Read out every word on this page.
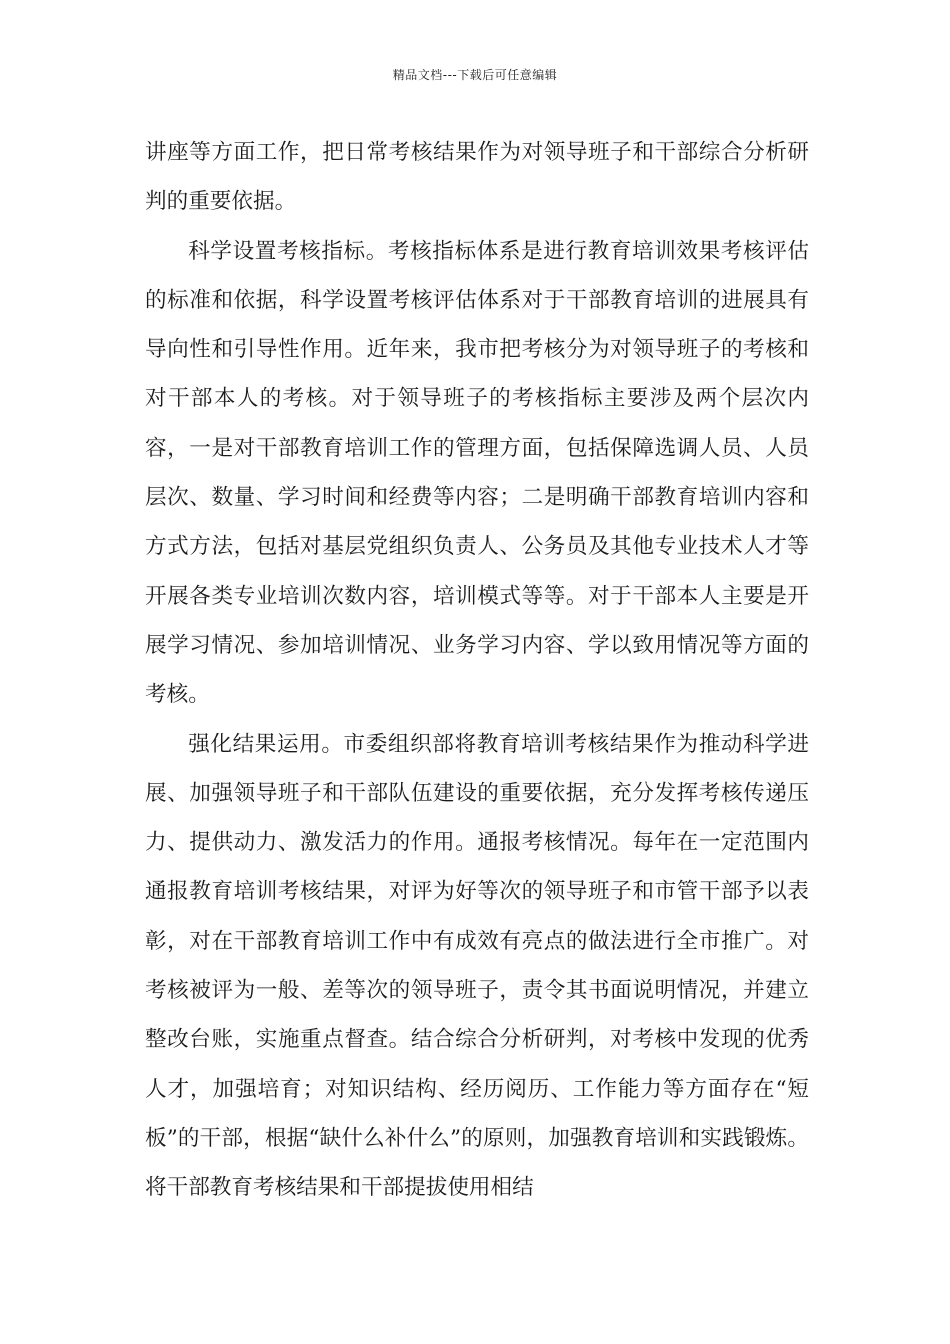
精品文档---下载后可任意编辑

讲座等方面工作，把日常考核结果作为对领导班子和干部综合分析研判的重要依据。

科学设置考核指标。考核指标体系是进行教育培训效果考核评估的标准和依据，科学设置考核评估体系对于干部教育培训的进展具有导向性和引导性作用。近年来，我市把考核分为对领导班子的考核和对干部本人的考核。对于领导班子的考核指标主要涉及两个层次内容，一是对干部教育培训工作的管理方面，包括保障选调人员、人员层次、数量、学习时间和经费等内容；二是明确干部教育培训内容和方式方法，包括对基层党组织负责人、公务员及其他专业技术人才等开展各类专业培训次数内容，培训模式等等。对于干部本人主要是开展学习情况、参加培训情况、业务学习内容、学以致用情况等方面的考核。

强化结果运用。市委组织部将教育培训考核结果作为推动科学进展、加强领导班子和干部队伍建设的重要依据，充分发挥考核传递压力、提供动力、激发活力的作用。通报考核情况。每年在一定范围内通报教育培训考核结果，对评为好等次的领导班子和市管干部予以表彰，对在干部教育培训工作中有成效有亮点的做法进行全市推广。对考核被评为一般、差等次的领导班子，责令其书面说明情况，并建立整改台账，实施重点督查。结合综合分析研判，对考核中发现的优秀人才，加强培育；对知识结构、经历阅历、工作能力等方面存在“短板”的干部，根据“缺什么补什么”的原则，加强教育培训和实践锻炼。将干部教育考核结果和干部提拔使用相结
